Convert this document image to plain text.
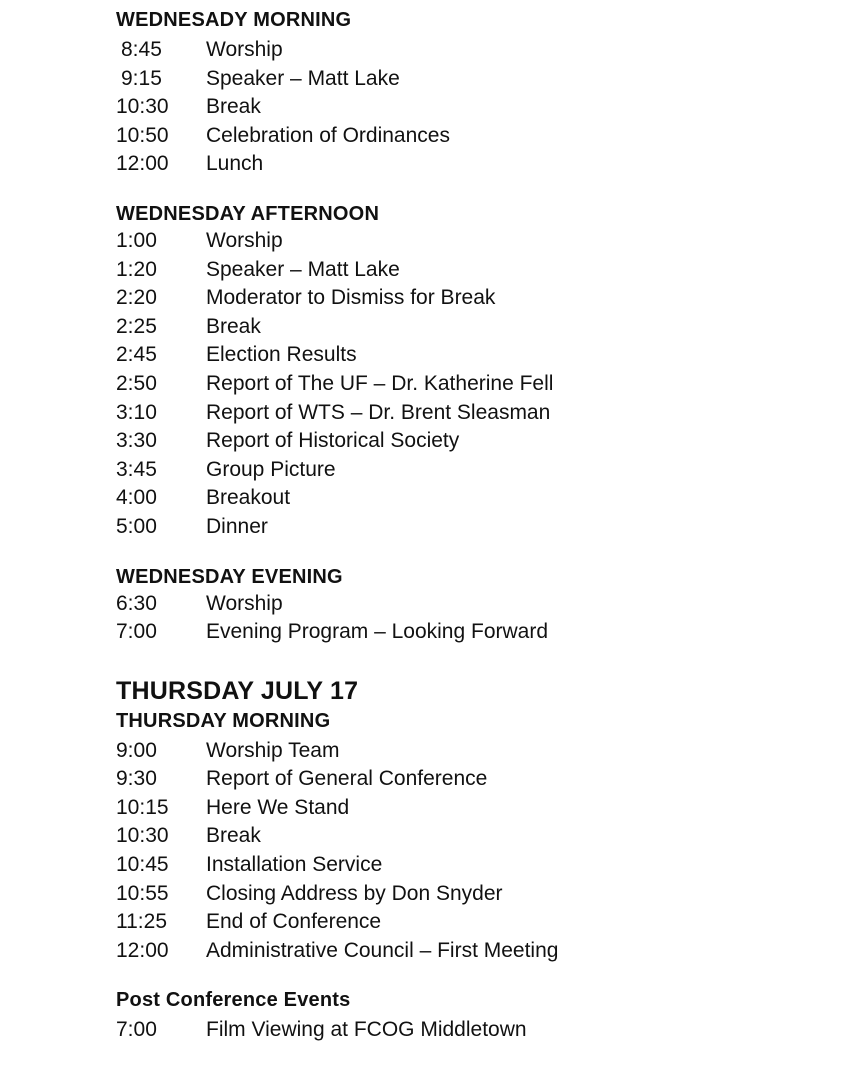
WEDNESADY MORNING
8:45	Worship
9:15	Speaker – Matt Lake
10:30	Break
10:50	Celebration of Ordinances
12:00	Lunch
WEDNESDAY AFTERNOON
1:00	Worship
1:20	Speaker – Matt Lake
2:20	Moderator to Dismiss for Break
2:25	Break
2:45	Election Results
2:50	Report of The UF – Dr. Katherine Fell
3:10	Report of WTS – Dr. Brent Sleasman
3:30	Report of Historical Society
3:45	Group Picture
4:00	Breakout
5:00	Dinner
WEDNESDAY EVENING
6:30	Worship
7:00	Evening Program – Looking Forward
THURSDAY JULY 17
THURSDAY MORNING
9:00	Worship Team
9:30	Report of General Conference
10:15	Here We Stand
10:30	Break
10:45	Installation Service
10:55	Closing Address by Don Snyder
11:25	End of Conference
12:00	Administrative Council – First Meeting
Post Conference Events
7:00	Film Viewing at FCOG Middletown
